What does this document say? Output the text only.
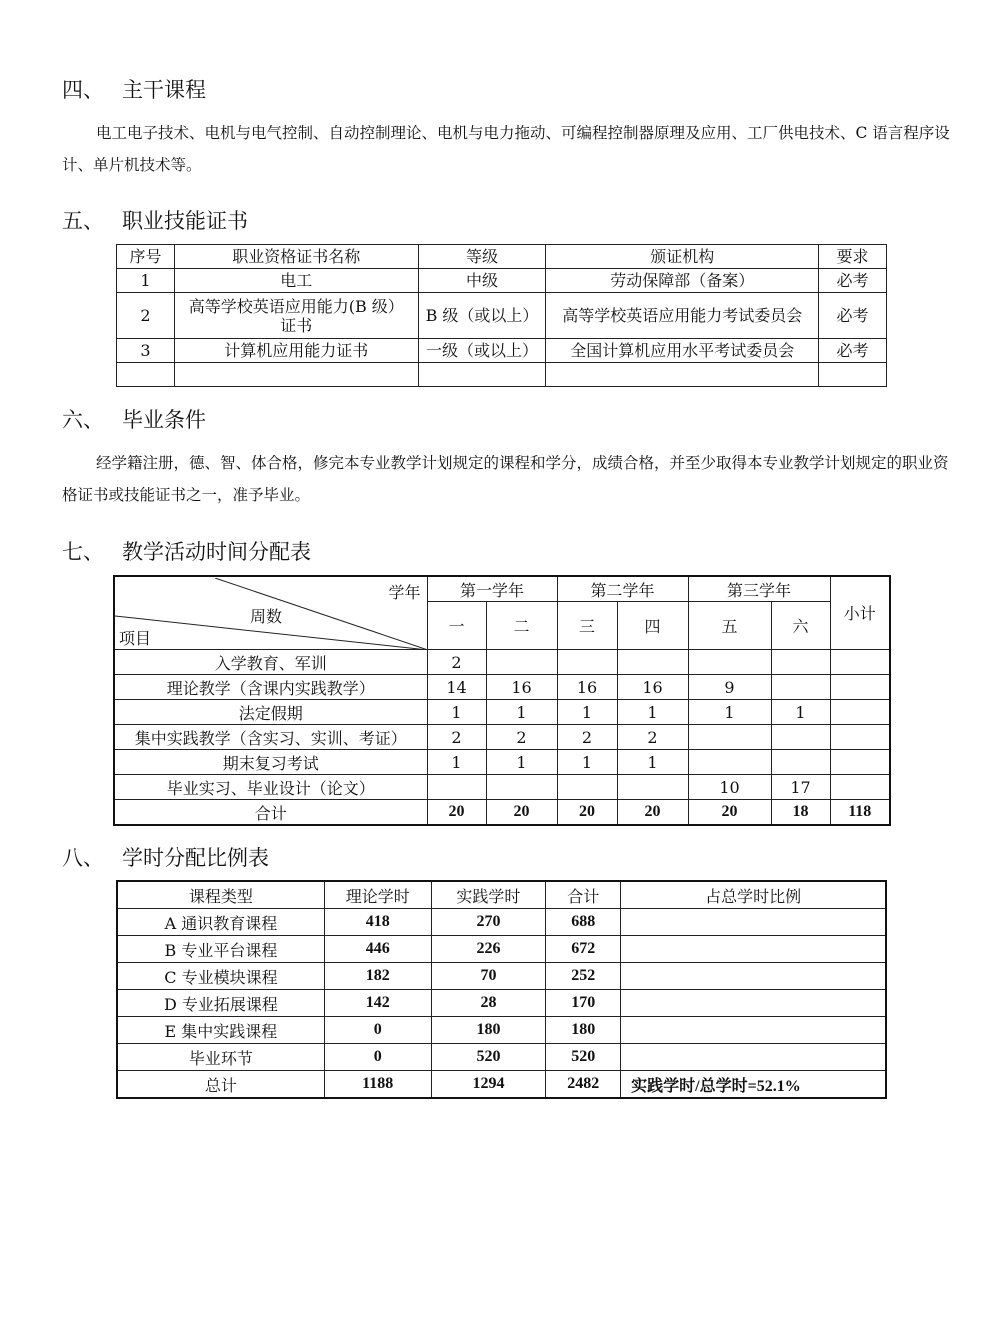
四、 主干课程
电工电子技术、电机与电气控制、自动控制理论、电机与电力拖动、可编程控制器原理及应用、工厂供电技术、C 语言程序设计、单片机技术等。
五、 职业技能证书
序号	职业资格证书名称	等级	颁证机构	要求
1	电工	中级	劳动保障部（备案）	必考
2	高等学校英语应用能力(B 级）证书	B 级（或以上）	高等学校英语应用能力考试委员会	必考
3	计算机应用能力证书	一级（或以上）	全国计算机应用水平考试委员会	必考

六、 毕业条件
经学籍注册，德、智、体合格，修完本专业教学计划规定的课程和学分，成绩合格，并至少取得本专业教学计划规定的职业资格证书或技能证书之一，准予毕业。
七、 教学活动时间分配表
学年
周数
项目	第一学年		第二学年		第三学年		小计
	一	二	三	四	五	六	
入学教育、军训	2						
理论教学（含课内实践教学）	14	16	16	16	9		
法定假期	1	1	1	1	1	1	
集中实践教学（含实习、实训、考证）	2	2	2	2			
期末复习考试	1	1	1	1			
毕业实习、毕业设计（论文）					10	17	
合计	20	20	20	20	20	18	118
八、 学时分配比例表
课程类型	理论学时	实践学时	合计	占总学时比例
A 通识教育课程	418	270	688	
B 专业平台课程	446	226	672	
C 专业模块课程	182	70	252	
D 专业拓展课程	142	28	170	
E 集中实践课程	0	180	180	
毕业环节	0	520	520	
总计	1188	1294	2482	实践学时/总学时=52.1%
